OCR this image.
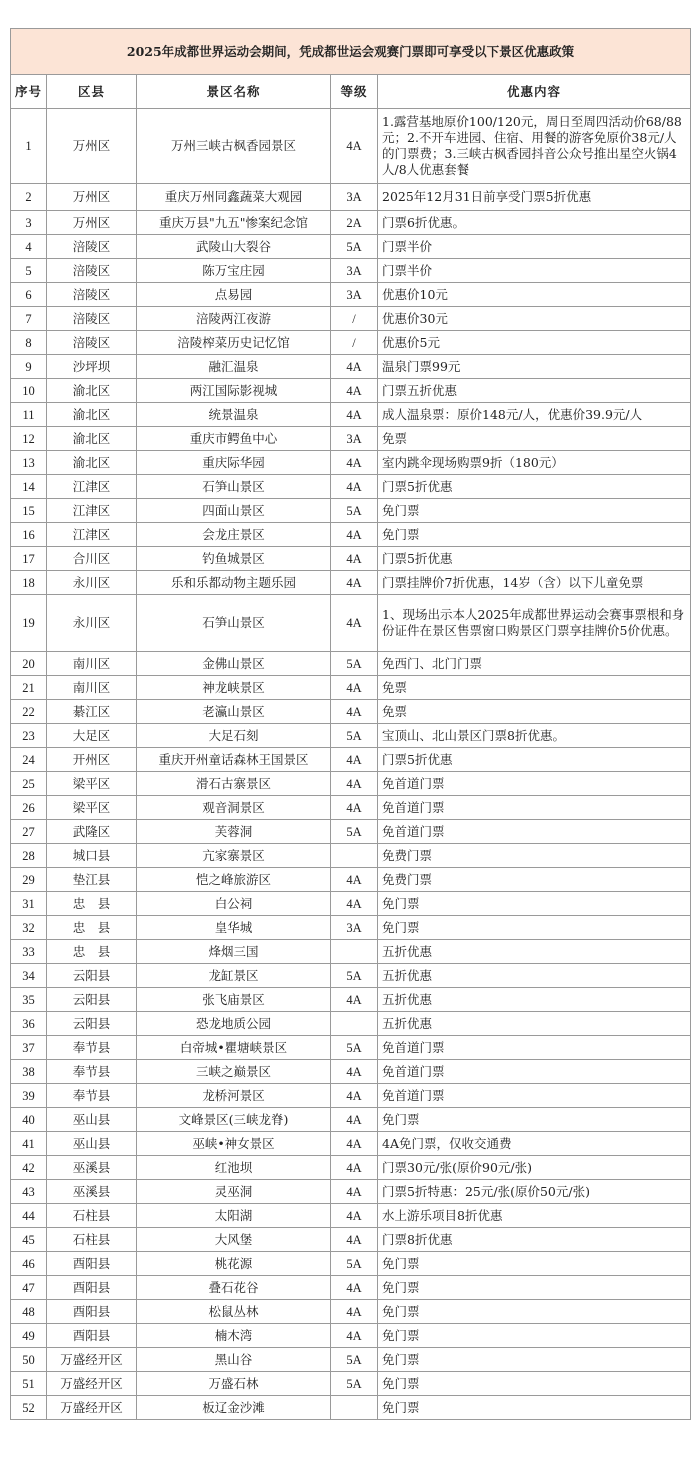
2025年成都世界运动会期间，凭成都世运会观赛门票即可享受以下景区优惠政策				
序号	区县	景区名称	等级	优惠内容
1	万州区	万州三峡古枫香园景区	4A	1.露营基地原价100/120元，周日至周四活动价68/88元；2.不开车进园、住宿、用餐的游客免原价38元/人的门票费；3.三峡古枫香园抖音公众号推出星空火锅4人/8人优惠套餐
2	万州区	重庆万州同鑫蔬菜大观园	3A	2025年12月31日前享受门票5折优惠
3	万州区	重庆万县"九五"惨案纪念馆	2A	门票6折优惠。
4	涪陵区	武陵山大裂谷	5A	门票半价
5	涪陵区	陈万宝庄园	3A	门票半价
6	涪陵区	点易园	3A	优惠价10元
7	涪陵区	涪陵两江夜游	/	优惠价30元
8	涪陵区	涪陵榨菜历史记忆馆	/	优惠价5元
9	沙坪坝	融汇温泉	4A	温泉门票99元
10	渝北区	两江国际影视城	4A	门票五折优惠
11	渝北区	统景温泉	4A	成人温泉票：原价148元/人，优惠价39.9元/人
12	渝北区	重庆市鳄鱼中心	3A	免票
13	渝北区	重庆际华园	4A	室内跳伞现场购票9折（180元）
14	江津区	石笋山景区	4A	门票5折优惠
15	江津区	四面山景区	5A	免门票
16	江津区	会龙庄景区	4A	免门票
17	合川区	钓鱼城景区	4A	门票5折优惠
18	永川区	乐和乐都动物主题乐园	4A	门票挂牌价7折优惠，14岁（含）以下儿童免票
19	永川区	石笋山景区	4A	1、现场出示本人2025年成都世界运动会赛事票根和身份证件在景区售票窗口购景区门票享挂牌价5价优惠。
20	南川区	金佛山景区	5A	免西门、北门门票
21	南川区	神龙峡景区	4A	免票
22	綦江区	老瀛山景区	4A	免票
23	大足区	大足石刻	5A	宝顶山、北山景区门票8折优惠。
24	开州区	重庆开州童话森林王国景区	4A	门票5折优惠
25	梁平区	滑石古寨景区	4A	免首道门票
26	梁平区	观音洞景区	4A	免首道门票
27	武隆区	芙蓉洞	5A	免首道门票
28	城口县	亢家寨景区		免费门票
29	垫江县	恺之峰旅游区	4A	免费门票
31	忠　县	白公祠	4A	免门票
32	忠　县	皇华城	3A	免门票
33	忠　县	烽烟三国		五折优惠
34	云阳县	龙缸景区	5A	五折优惠
35	云阳县	张飞庙景区	4A	五折优惠
36	云阳县	恐龙地质公园		五折优惠
37	奉节县	白帝城•瞿塘峡景区	5A	免首道门票
38	奉节县	三峡之巅景区	4A	免首道门票
39	奉节县	龙桥河景区	4A	免首道门票
40	巫山县	文峰景区(三峡龙脊)	4A	免门票
41	巫山县	巫峡•神女景区	4A	4A免门票，仅收交通费
42	巫溪县	红池坝	4A	门票30元/张(原价90元/张)
43	巫溪县	灵巫洞	4A	门票5折特惠：25元/张(原价50元/张)
44	石柱县	太阳湖	4A	水上游乐项目8折优惠
45	石柱县	大风堡	4A	门票8折优惠
46	酉阳县	桃花源	5A	免门票
47	酉阳县	叠石花谷	4A	免门票
48	酉阳县	松鼠丛林	4A	免门票
49	酉阳县	楠木湾	4A	免门票
50	万盛经开区	黑山谷	5A	免门票
51	万盛经开区	万盛石林	5A	免门票
52	万盛经开区	板辽金沙滩		免门票
